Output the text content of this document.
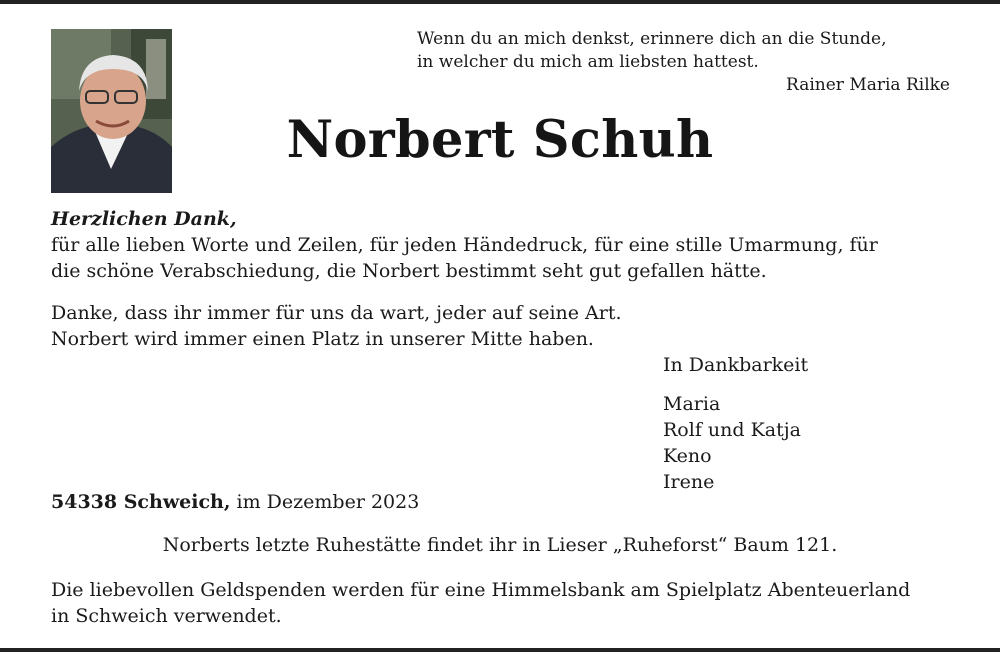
Wenn du an mich denkst, erinnere dich an die Stunde,
in welcher du mich am liebsten hattest.
Rainer Maria Rilke
Norbert Schuh
Herzlichen Dank,
für alle lieben Worte und Zeilen, für jeden Händedruck, für eine stille Umarmung, für
die schöne Verabschiedung, die Norbert bestimmt seht gut gefallen hätte.
Danke, dass ihr immer für uns da wart, jeder auf seine Art.
Norbert wird immer einen Platz in unserer Mitte haben.
In Dankbarkeit
Maria
Rolf und Katja
Keno
Irene
54338 Schweich, im Dezember 2023
Norberts letzte Ruhestätte findet ihr in Lieser „Ruheforst“ Baum 121.
Die liebevollen Geldspenden werden für eine Himmelsbank am Spielplatz Abenteuerland
in Schweich verwendet.
